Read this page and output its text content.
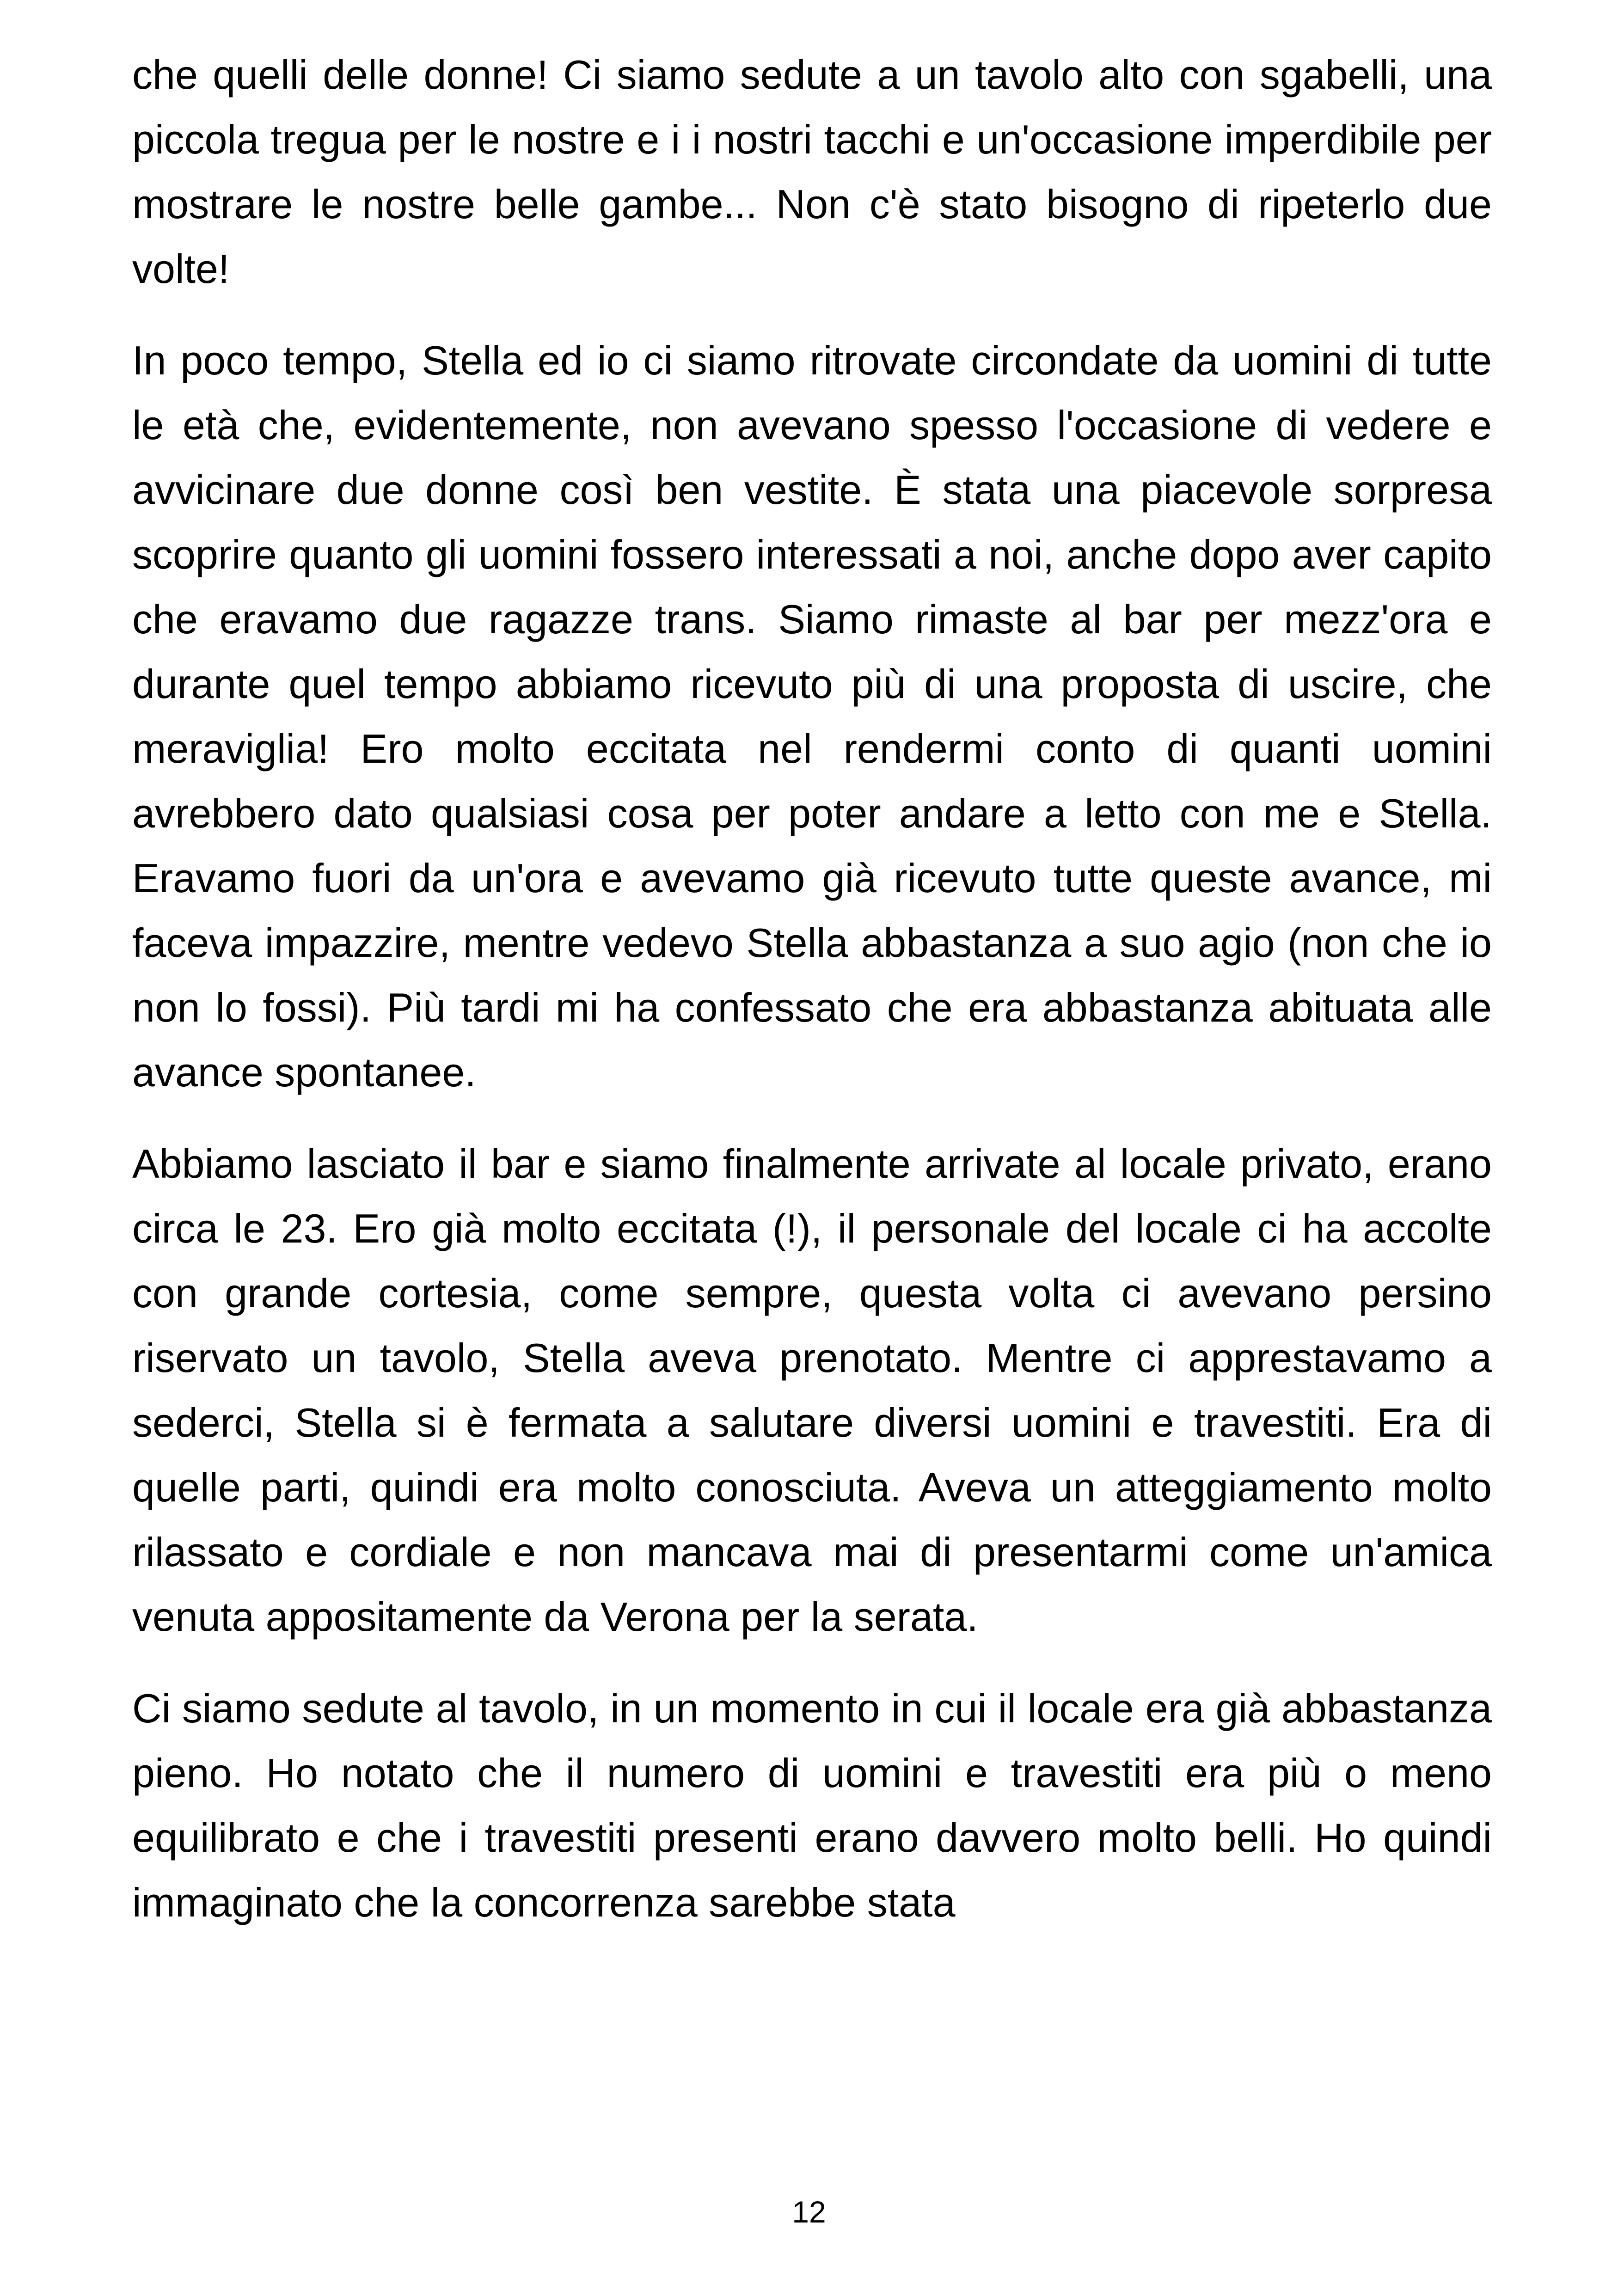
che quelli delle donne! Ci siamo sedute a un tavolo alto con sgabelli, una piccola tregua per le nostre e i i nostri tacchi e un'occasione imperdibile per mostrare le nostre belle gambe... Non c'è stato bisogno di ripeterlo due volte!

In poco tempo, Stella ed io ci siamo ritrovate circondate da uomini di tutte le età che, evidentemente, non avevano spesso l'occasione di vedere e avvicinare due donne così ben vestite. È stata una piacevole sorpresa scoprire quanto gli uomini fossero interessati a noi, anche dopo aver capito che eravamo due ragazze trans. Siamo rimaste al bar per mezz'ora e durante quel tempo abbiamo ricevuto più di una proposta di uscire, che meraviglia! Ero molto eccitata nel rendermi conto di quanti uomini avrebbero dato qualsiasi cosa per poter andare a letto con me e Stella. Eravamo fuori da un'ora e avevamo già ricevuto tutte queste avance, mi faceva impazzire, mentre vedevo Stella abbastanza a suo agio (non che io non lo fossi). Più tardi mi ha confessato che era abbastanza abituata alle avance spontanee.

Abbiamo lasciato il bar e siamo finalmente arrivate al locale privato, erano circa le 23. Ero già molto eccitata (!), il personale del locale ci ha accolte con grande cortesia, come sempre, questa volta ci avevano persino riservato un tavolo, Stella aveva prenotato. Mentre ci apprestavamo a sederci, Stella si è fermata a salutare diversi uomini e travestiti. Era di quelle parti, quindi era molto conosciuta. Aveva un atteggiamento molto rilassato e cordiale e non mancava mai di presentarmi come un'amica venuta appositamente da Verona per la serata.

Ci siamo sedute al tavolo, in un momento in cui il locale era già abbastanza pieno. Ho notato che il numero di uomini e travestiti era più o meno equilibrato e che i travestiti presenti erano davvero molto belli. Ho quindi immaginato che la concorrenza sarebbe stata

12
